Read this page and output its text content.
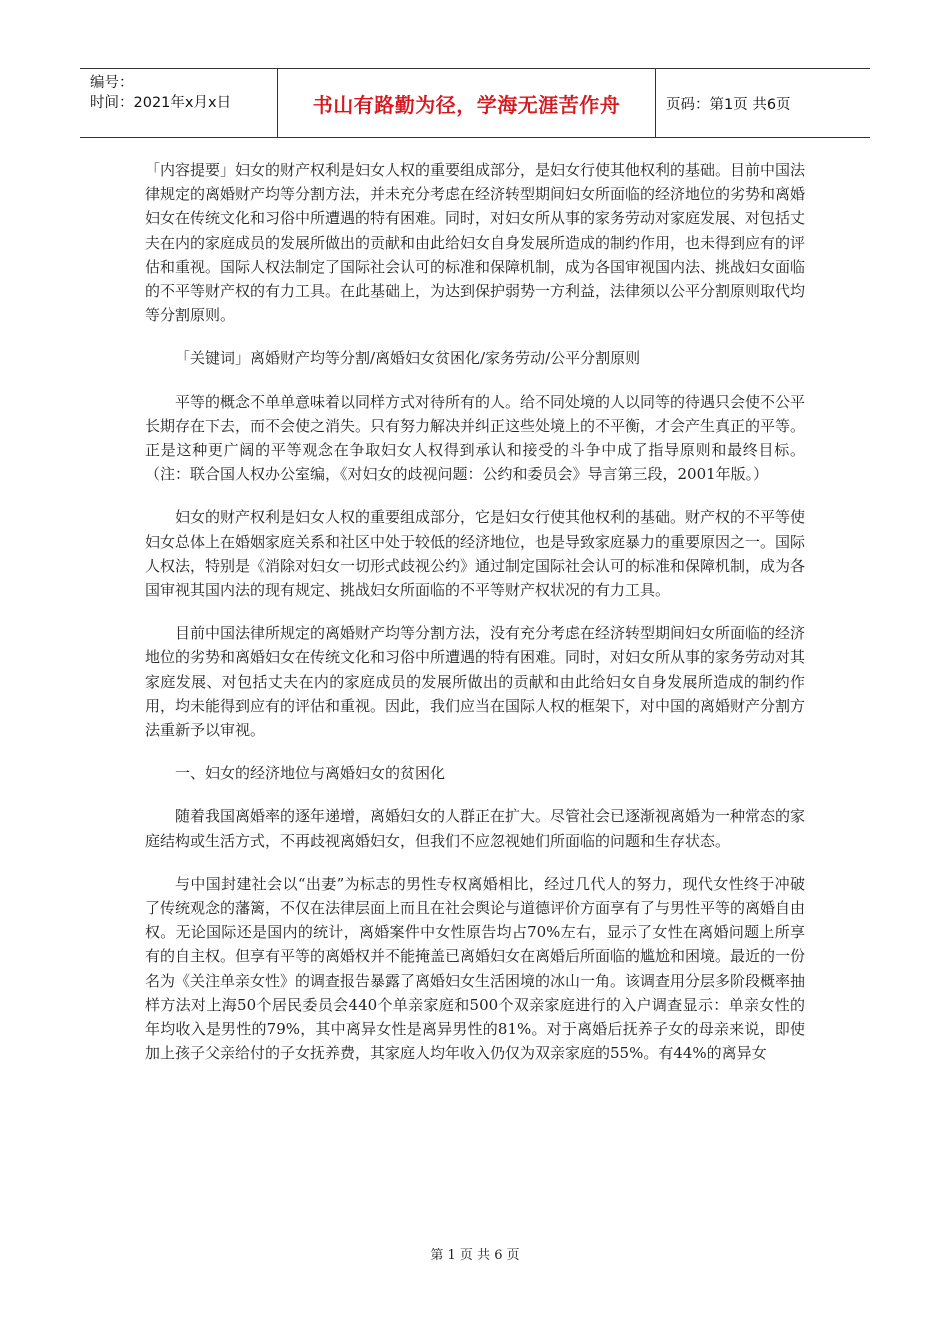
编号：
时间：2021年x月x日	书山有路勤为径，学海无涯苦作舟	页码：第1页 共6页

「内容提要」妇女的财产权利是妇女人权的重要组成部分，是妇女行使其他权利的基础。目前中国法律规定的离婚财产均等分割方法，并未充分考虑在经济转型期间妇女所面临的经济地位的劣势和离婚妇女在传统文化和习俗中所遭遇的特有困难。同时，对妇女所从事的家务劳动对家庭发展、对包括丈夫在内的家庭成员的发展所做出的贡献和由此给妇女自身发展所造成的制约作用，也未得到应有的评估和重视。国际人权法制定了国际社会认可的标准和保障机制，成为各国审视国内法、挑战妇女面临的不平等财产权的有力工具。在此基础上，为达到保护弱势一方利益，法律须以公平分割原则取代均等分割原则。

「关键词」离婚财产均等分割/离婚妇女贫困化/家务劳动/公平分割原则

平等的概念不单单意味着以同样方式对待所有的人。给不同处境的人以同等的待遇只会使不公平长期存在下去，而不会使之消失。只有努力解决并纠正这些处境上的不平衡，才会产生真正的平等。正是这种更广阔的平等观念在争取妇女人权得到承认和接受的斗争中成了指导原则和最终目标。（注：联合国人权办公室编，《对妇女的歧视问题：公约和委员会》导言第三段，2001年版。）

妇女的财产权利是妇女人权的重要组成部分，它是妇女行使其他权利的基础。财产权的不平等使妇女总体上在婚姻家庭关系和社区中处于较低的经济地位，也是导致家庭暴力的重要原因之一。国际人权法，特别是《消除对妇女一切形式歧视公约》通过制定国际社会认可的标准和保障机制，成为各国审视其国内法的现有规定、挑战妇女所面临的不平等财产权状况的有力工具。

目前中国法律所规定的离婚财产均等分割方法，没有充分考虑在经济转型期间妇女所面临的经济地位的劣势和离婚妇女在传统文化和习俗中所遭遇的特有困难。同时，对妇女所从事的家务劳动对其家庭发展、对包括丈夫在内的家庭成员的发展所做出的贡献和由此给妇女自身发展所造成的制约作用，均未能得到应有的评估和重视。因此，我们应当在国际人权的框架下，对中国的离婚财产分割方法重新予以审视。

一、妇女的经济地位与离婚妇女的贫困化

随着我国离婚率的逐年递增，离婚妇女的人群正在扩大。尽管社会已逐渐视离婚为一种常态的家庭结构或生活方式，不再歧视离婚妇女，但我们不应忽视她们所面临的问题和生存状态。

与中国封建社会以“出妻”为标志的男性专权离婚相比，经过几代人的努力，现代女性终于冲破了传统观念的藩篱，不仅在法律层面上而且在社会舆论与道德评价方面享有了与男性平等的离婚自由权。无论国际还是国内的统计，离婚案件中女性原告均占70%左右，显示了女性在离婚问题上所享有的自主权。但享有平等的离婚权并不能掩盖已离婚妇女在离婚后所面临的尴尬和困境。最近的一份名为《关注单亲女性》的调查报告暴露了离婚妇女生活困境的冰山一角。该调查用分层多阶段概率抽样方法对上海50个居民委员会440个单亲家庭和500个双亲家庭进行的入户调查显示：单亲女性的年均收入是男性的79%，其中离异女性是离异男性的81%。对于离婚后抚养子女的母亲来说，即使加上孩子父亲给付的子女抚养费，其家庭人均年收入仍仅为双亲家庭的55%。有44%的离异女

第 1 页 共 6 页
